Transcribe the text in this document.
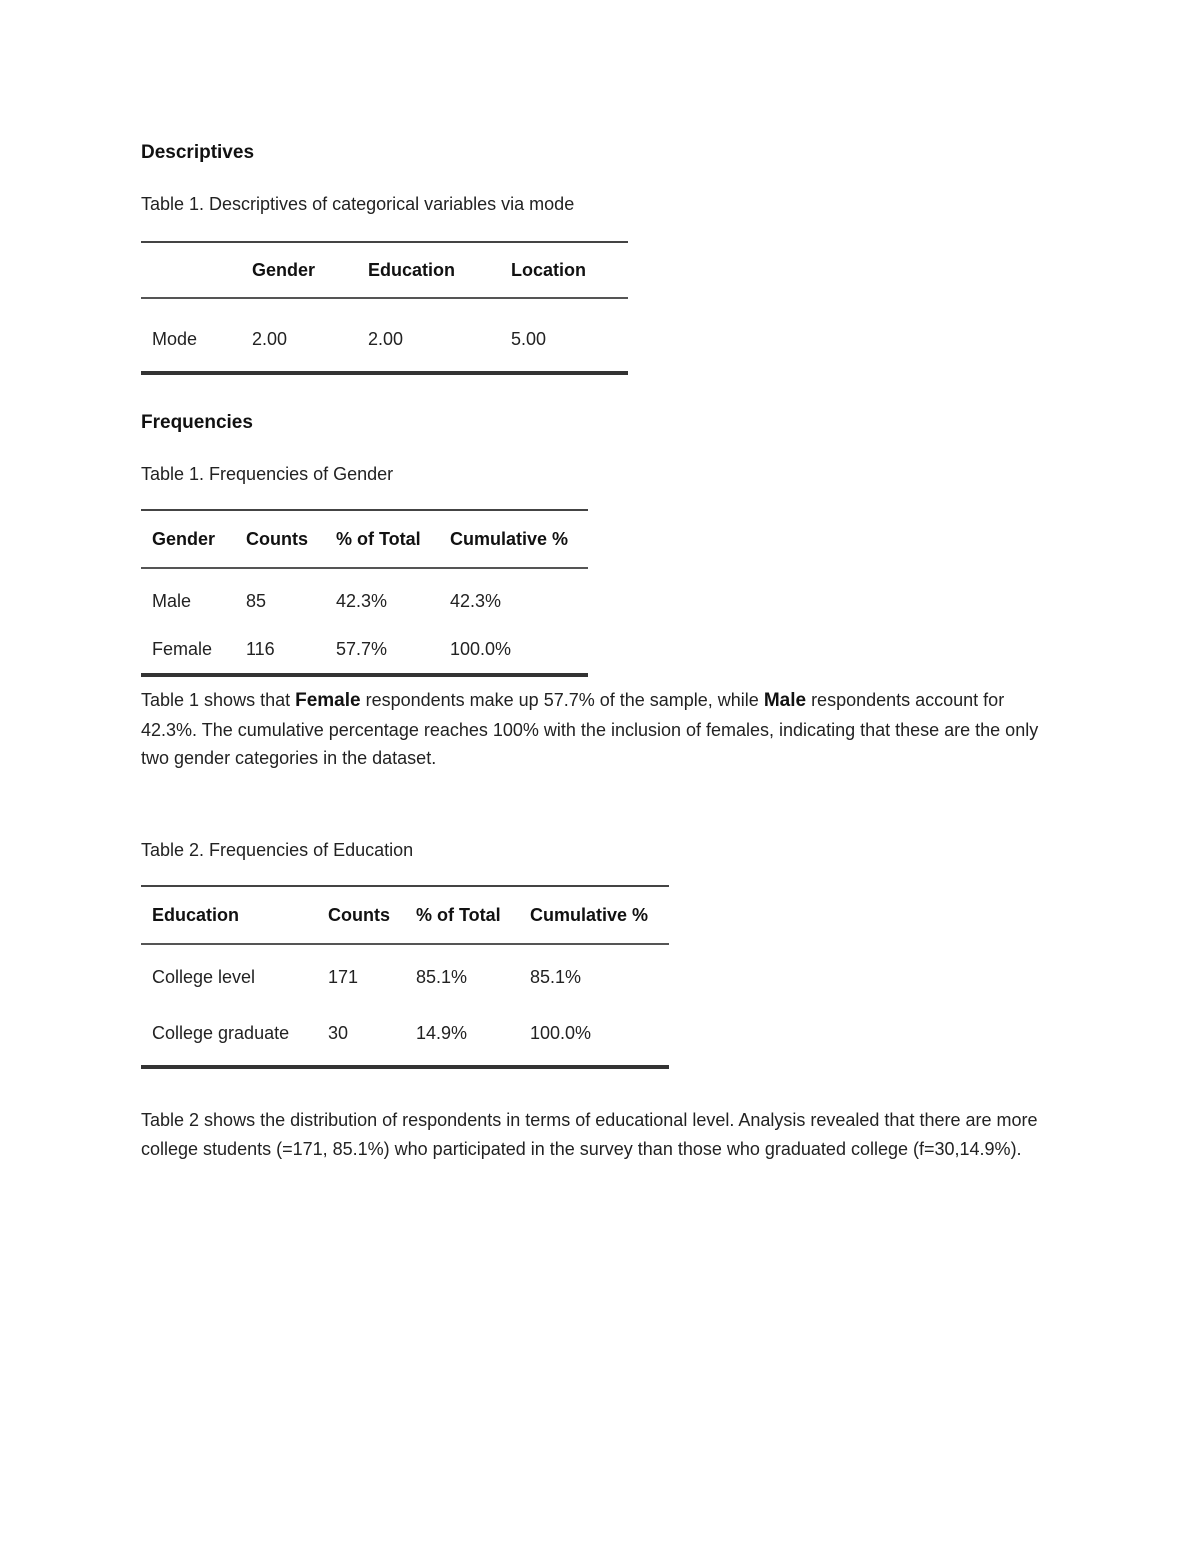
Descriptives

Table 1. Descriptives of categorical variables via mode

	Gender	Education	Location
Mode	2.00	2.00	5.00
Frequencies

Table 1. Frequencies of Gender

Gender	Counts	% of Total	Cumulative %
Male	85	42.3%	42.3%
Female	116	57.7%	100.0%

Table 1 shows that Female respondents make up 57.7% of the sample, while Male respondents account for 42.3%. The cumulative percentage reaches 100% with the inclusion of females, indicating that these are the only two gender categories in the dataset.

Table 2. Frequencies of Education

Education	Counts	% of Total	Cumulative %
College level	171	85.1%	85.1%
College graduate	30	14.9%	100.0%

Table 2 shows the distribution of respondents in terms of educational level. Analysis revealed that there are more college students (=171, 85.1%) who participated in the survey than those who graduated college (f=30,14.9%).
